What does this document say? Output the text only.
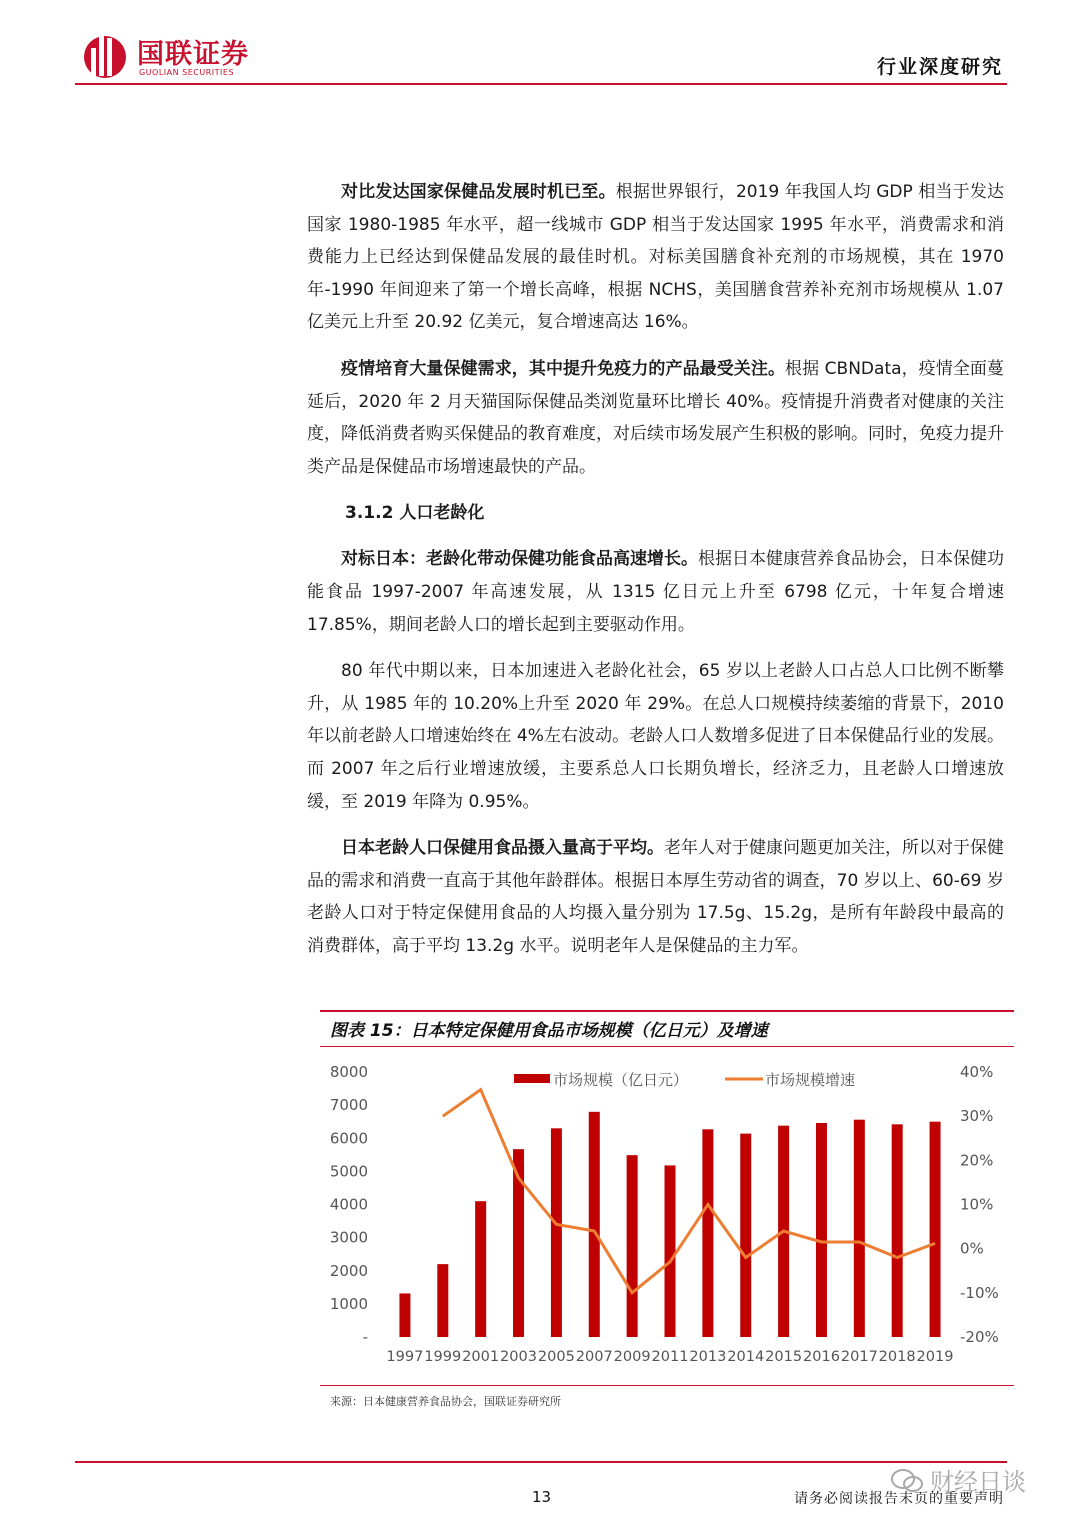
国联证券
GUOLIAN SECURITIES	行业深度研究

对比发达国家保健品发展时机已至。根据世界银行，2019 年我国人均 GDP 相当于发达国家 1980-1985 年水平，超一线城市 GDP 相当于发达国家 1995 年水平，消费需求和消费能力上已经达到保健品发展的最佳时机。对标美国膳食补充剂的市场规模，其在 1970 年-1990 年间迎来了第一个增长高峰，根据 NCHS，美国膳食营养补充剂市场规模从 1.07 亿美元上升至 20.92 亿美元，复合增速高达 16%。

疫情培育大量保健需求，其中提升免疫力的产品最受关注。根据 CBNData，疫情全面蔓延后，2020 年 2 月天猫国际保健品类浏览量环比增长 40%。疫情提升消费者对健康的关注度，降低消费者购买保健品的教育难度，对后续市场发展产生积极的影响。同时，免疫力提升类产品是保健品市场增速最快的产品。

3.1.2 人口老龄化

对标日本：老龄化带动保健功能食品高速增长。根据日本健康营养食品协会，日本保健功能食品 1997-2007 年高速发展，从 1315 亿日元上升至 6798 亿元，十年复合增速 17.85%，期间老龄人口的增长起到主要驱动作用。

80 年代中期以来，日本加速进入老龄化社会，65 岁以上老龄人口占总人口比例不断攀升，从 1985 年的 10.20%上升至 2020 年 29%。在总人口规模持续萎缩的背景下，2010 年以前老龄人口增速始终在 4%左右波动。老龄人口人数增多促进了日本保健品行业的发展。而 2007 年之后行业增速放缓，主要系总人口长期负增长，经济乏力，且老龄人口增速放缓，至 2019 年降为 0.95%。

日本老龄人口保健用食品摄入量高于平均。老年人对于健康问题更加关注，所以对于保健品的需求和消费一直高于其他年龄群体。根据日本厚生劳动省的调查，70 岁以上、60-69 岁老龄人口对于特定保健用食品的人均摄入量分别为 17.5g、15.2g，是所有年龄段中最高的消费群体，高于平均 13.2g 水平。说明老年人是保健品的主力军。

图表 15：日本特定保健用食品市场规模（亿日元）及增速
市场规模（亿日元）	市场规模增速
-
1000
2000
3000
4000
5000
6000
7000
8000
-20%
-10%
0%
10%
20%
30%
40%
1997 1999 2001 2003 2005 2007 2009 2011 2013 2014 2015 2016 2017 2018 2019
来源：日本健康营养食品协会，国联证券研究所
财经日谈
13	请务必阅读报告末页的重要声明
